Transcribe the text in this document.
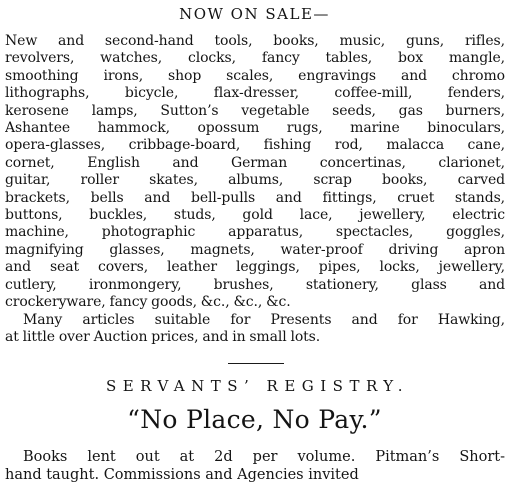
NOW ON SALE—
New and second-hand tools, books, music, guns, rifles,
revolvers, watches, clocks, fancy tables, box mangle,
smoothing irons, shop scales, engravings and chromo
lithographs, bicycle, flax-dresser, coffee-mill, fenders,
kerosene lamps, Sutton’s vegetable seeds, gas burners,
Ashantee hammock, opossum rugs, marine binoculars,
opera-glasses, cribbage-board, fishing rod, malacca cane,
cornet, English and German concertinas, clarionet,
guitar, roller skates, albums, scrap books, carved
brackets, bells and bell-pulls and fittings, cruet stands,
buttons, buckles, studs, gold lace, jewellery, electric
machine, photographic apparatus, spectacles, goggles,
magnifying glasses, magnets, water-proof driving apron
and seat covers, leather leggings, pipes, locks, jewellery,
cutlery, ironmongery, brushes, stationery, glass and
crockeryware, fancy goods, &c., &c., &c.
Many articles suitable for Presents and for Hawking,
at little over Auction prices, and in small lots.
SERVANTS’ REGISTRY.
“No Place, No Pay.”
Books lent out at 2d per volume. Pitman’s Short-
hand taught. Commissions and Agencies invited
